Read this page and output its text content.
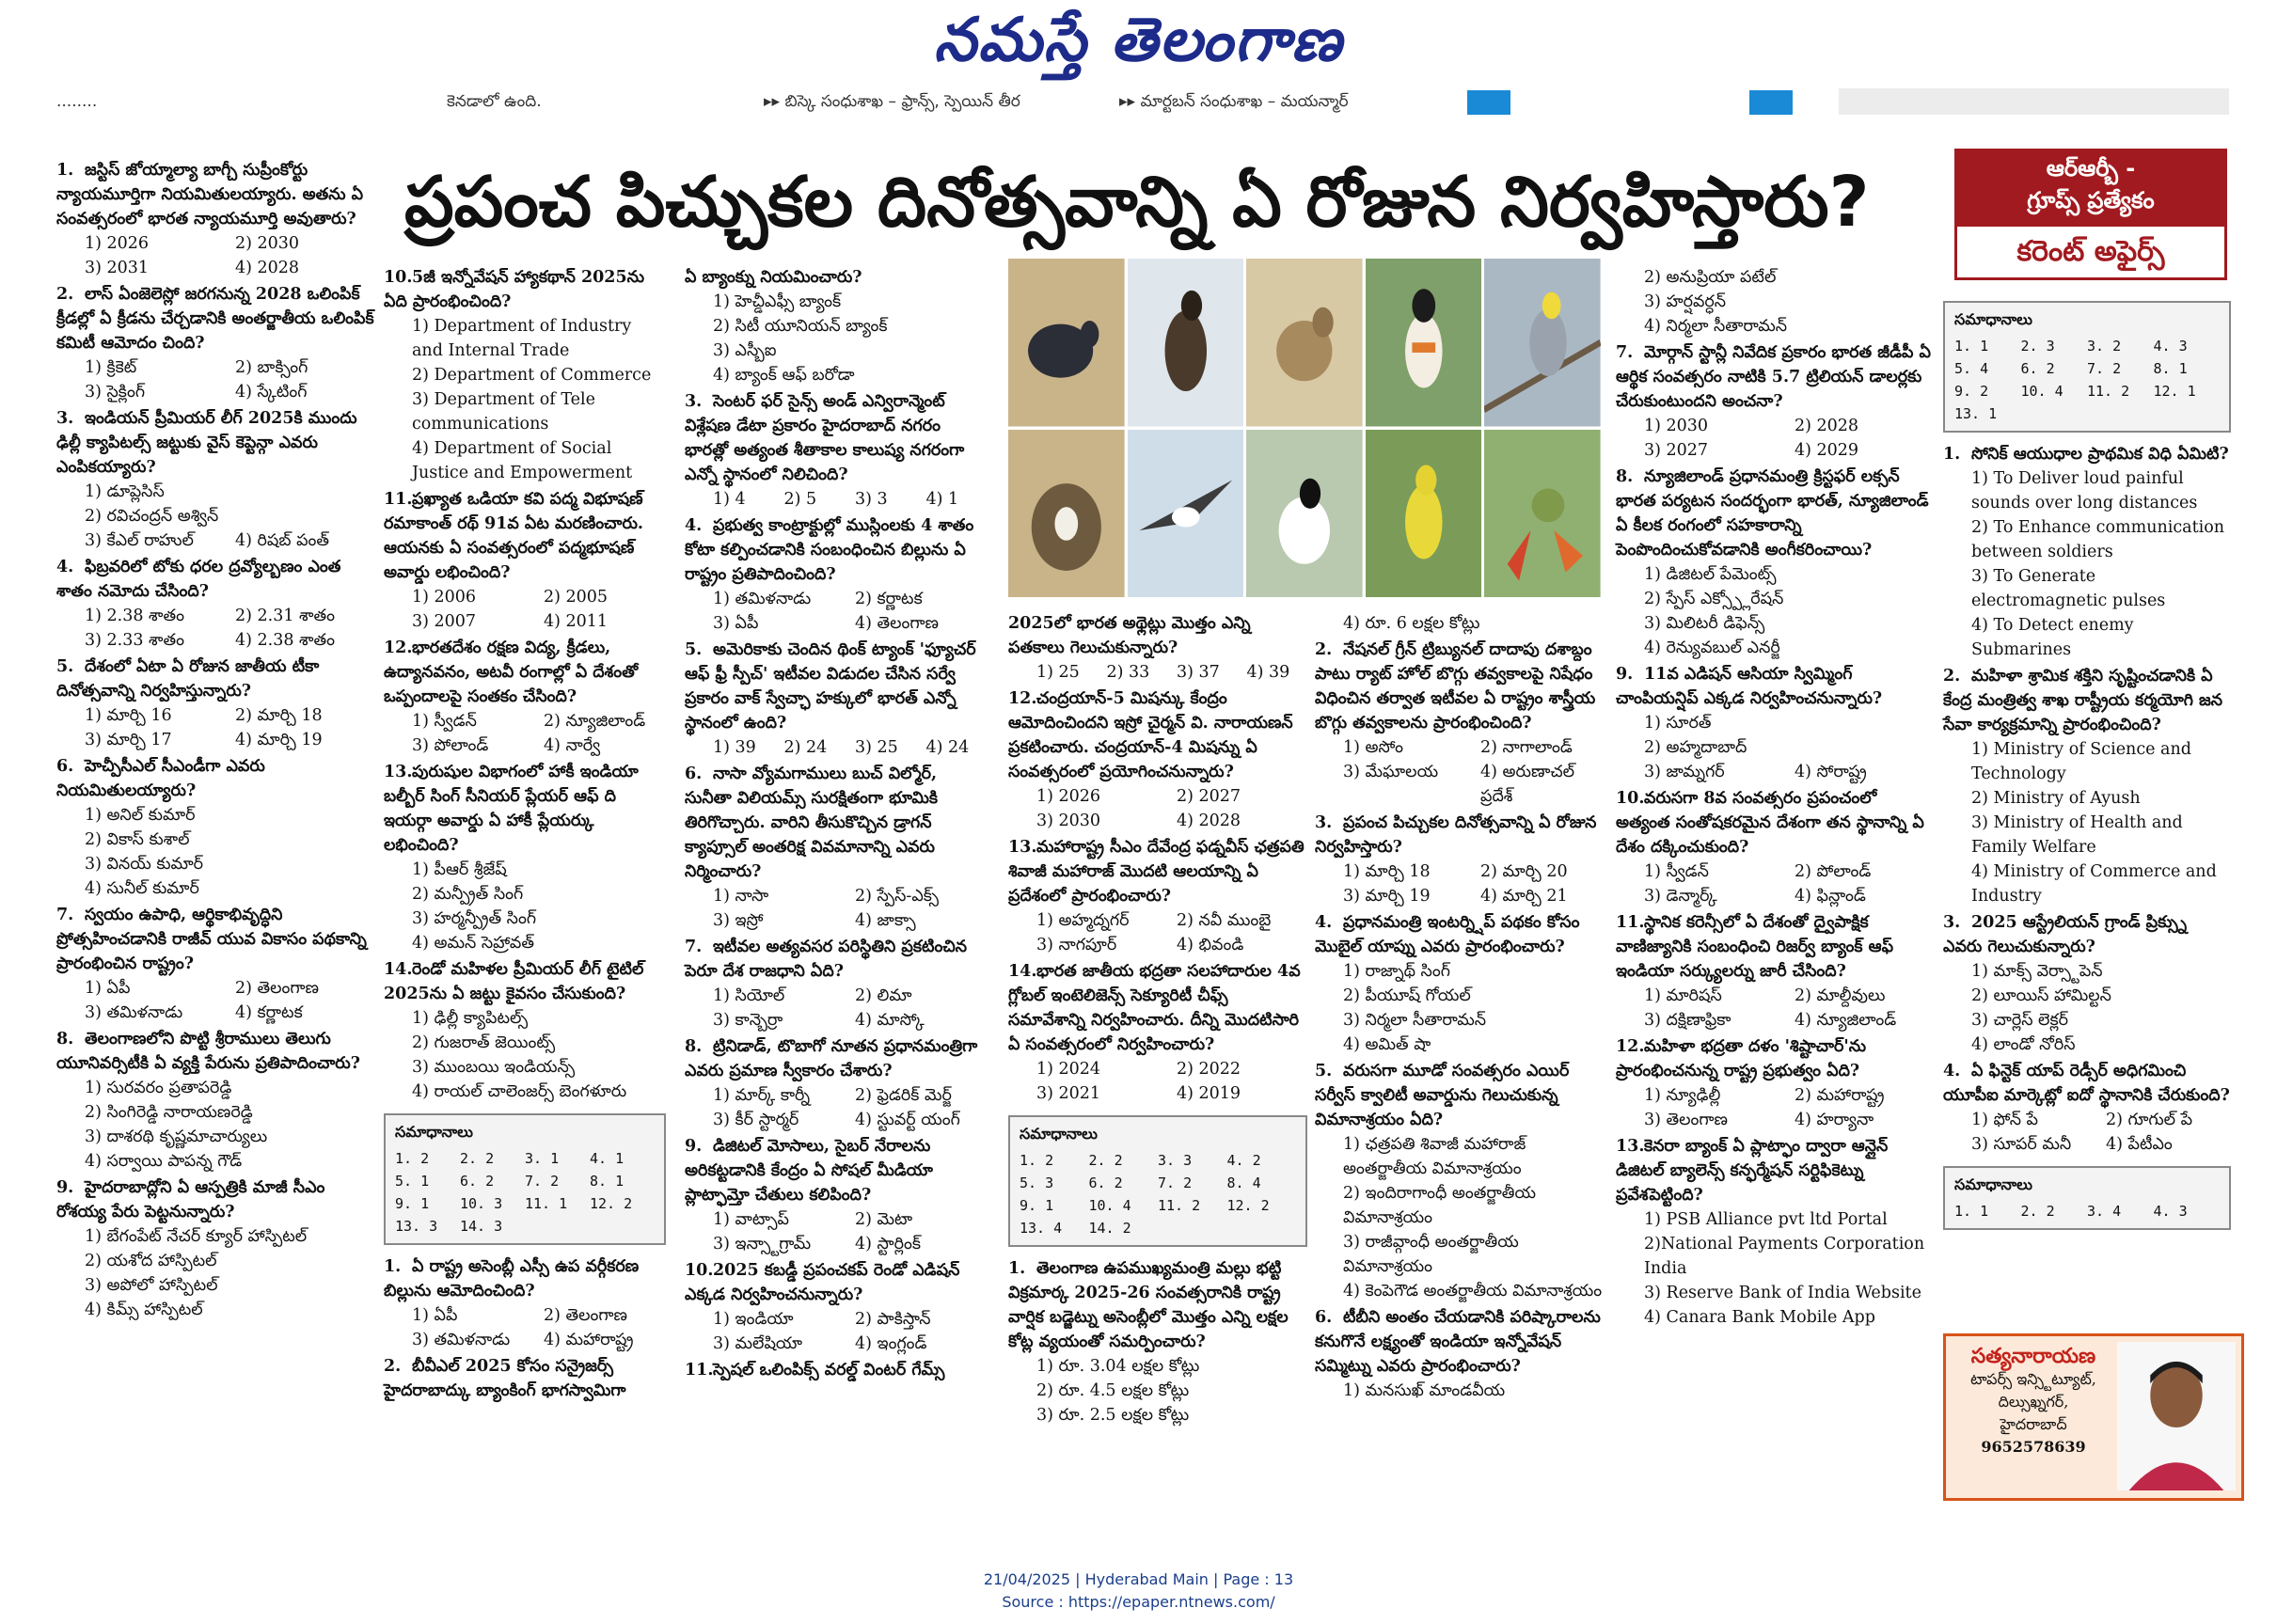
నమస్తే తెలంగాణ
........	కెనడాలో ఉంది.	▸▸ బిస్కె సంధుశాఖ – ఫ్రాన్స్, స్పెయిన్ తీర	▸▸ మార్టబన్ సంధుశాఖ – మయన్మార్
ప్రపంచ పిచ్చుకల దినోత్సవాన్ని ఏ రోజున నిర్వహిస్తారు?	ఆర్ఆర్బీ -
గ్రూప్స్ ప్రత్యేకం
కరెంట్ అఫైర్స్
1. జస్టిస్ జోయ్మాల్యా బాగ్చీ సుప్రీంకోర్టు న్యాయమూర్తిగా నియమితులయ్యారు. అతను ఏ సంవత్సరంలో భారత న్యాయమూర్తి అవుతారు?
1) 2026	2) 2030
3) 2031	4) 2028
2. లాస్ ఏంజెలెస్లో జరగనున్న 2028 ఒలింపిక్ క్రీడల్లో ఏ క్రీడను చేర్చడానికి అంతర్జాతీయ ఒలింపిక్ కమిటీ ఆమోదం చింది?
1) క్రికెట్	2) బాక్సింగ్
3) సైక్లింగ్	4) స్కేటింగ్
3. ఇండియన్ ప్రీమియర్ లీగ్ 2025కి ముందు ఢిల్లీ క్యాపిటల్స్ జట్టుకు వైస్ కెప్టెన్గా ఎవరు ఎంపికయ్యారు?
1) డూప్లెసిస్
2) రవిచంద్రన్ అశ్విన్
3) కేఎల్ రాహుల్	4) రిషబ్ పంత్
4. ఫిబ్రవరిలో టోకు ధరల ద్రవ్యోల్బణం ఎంత శాతం నమోదు చేసింది?
1) 2.38 శాతం	2) 2.31 శాతం
3) 2.33 శాతం	4) 2.38 శాతం
5. దేశంలో ఏటా ఏ రోజున జాతీయ టీకా దినోత్సవాన్ని నిర్వహిస్తున్నారు?
1) మార్చి 16	2) మార్చి 18
3) మార్చి 17	4) మార్చి 19
6. హెచ్పీసీఎల్ సీఎండీగా ఎవరు నియమితులయ్యారు?
1) అనిల్ కుమార్
2) వికాస్ కుశాల్
3) వినయ్ కుమార్
4) సునీల్ కుమార్
7. స్వయం ఉపాధి, ఆర్థికాభివృద్ధిని ప్రోత్సహించడానికి రాజీవ్ యువ వికాసం పథకాన్ని ప్రారంభించిన రాష్ట్రం?
1) ఏపీ	2) తెలంగాణ
3) తమిళనాడు	4) కర్ణాటక
8. తెలంగాణలోని పొట్టి శ్రీరాములు తెలుగు యూనివర్సిటీకి ఏ వ్యక్తి పేరును ప్రతిపాదించారు?
1) సురవరం ప్రతాపరెడ్డి
2) సింగిరెడ్డి నారాయణరెడ్డి
3) దాశరథి కృష్ణమాచార్యులు
4) సర్వాయి పాపన్న గౌడ్
9. హైదరాబాద్లోని ఏ ఆస్పత్రికి మాజీ సీఎం రోశయ్య పేరు పెట్టనున్నారు?
1) బేగంపేట్ నేచర్ క్యూర్ హాస్పిటల్
2) యశోద హాస్పిటల్
3) అపోలో హాస్పిటల్
4) కిమ్స్ హాస్పిటల్
10.5జీ ఇన్నోవేషన్ హ్యాకథాన్ 2025ను ఏది ప్రారంభించింది?
1) Department of Industry and Internal Trade
2) Department of Commerce
3) Department of Tele communications
4) Department of Social Justice and Empowerment
11.ప్రఖ్యాత ఒడియా కవి పద్మ విభూషణ్ రమాకాంత్ రథ్ 91వ ఏట మరణించారు. ఆయనకు ఏ సంవత్సరంలో పద్మభూషణ్ అవార్డు లభించింది?
1) 2006	2) 2005
3) 2007	4) 2011
12.భారతదేశం రక్షణ విద్య, క్రీడలు, ఉద్యానవనం, అటవీ రంగాల్లో ఏ దేశంతో ఒప్పందాలపై సంతకం చేసింది?
1) స్వీడన్	2) న్యూజిలాండ్
3) పోలాండ్	4) నార్వే
13.పురుషుల విభాగంలో హాకీ ఇండియా బల్బీర్ సింగ్ సీనియర్ ప్లేయర్ ఆఫ్ ది ఇయర్గా అవార్డు ఏ హాకీ ప్లేయర్కు లభించింది?
1) పీఆర్ శ్రీజేష్
2) మన్ప్రీత్ సింగ్
3) హర్మన్ప్రీత్ సింగ్
4) అమన్ సెహ్రావత్
14.రెండో మహిళల ప్రీమియర్ లీగ్ టైటిల్ 2025ను ఏ జట్టు కైవసం చేసుకుంది?
1) ఢిల్లీ క్యాపిటల్స్
2) గుజరాత్ జెయింట్స్
3) ముంబయి ఇండియన్స్
4) రాయల్ చాలెంజర్స్ బెంగళూరు
సమాధానాలు
1. 2	2. 2	3. 1	4. 1
5. 1	6. 2	7. 2	8. 1
9. 1	10. 3	11. 1	12. 2
13. 3	14. 3
1. ఏ రాష్ట్ర అసెంబ్లీ ఎస్సీ ఉప వర్గీకరణ బిల్లును ఆమోదించింది?
1) ఏపీ	2) తెలంగాణ
3) తమిళనాడు	4) మహారాష్ట్ర
2. బీవీఎల్ 2025 కోసం సన్రైజర్స్ హైదరాబాద్కు బ్యాంకింగ్ భాగస్వామిగా
ఏ బ్యాంక్ను నియమించారు?
1) హెచ్డీఎఫ్సీ బ్యాంక్
2) సిటీ యూనియన్ బ్యాంక్
3) ఎస్బీఐ
4) బ్యాంక్ ఆఫ్ బరోడా
3. సెంటర్ ఫర్ సైన్స్ అండ్ ఎన్విరాన్మెంట్ విశ్లేషణ డేటా ప్రకారం హైదరాబాద్ నగరం భారత్లో అత్యంత శీతాకాల కాలుష్య నగరంగా ఎన్నో స్థానంలో నిలిచింది?
1) 4	2) 5	3) 3	4) 1
4. ప్రభుత్వ కాంట్రాక్టుల్లో ముస్లింలకు 4 శాతం కోటా కల్పించడానికి సంబంధించిన బిల్లును ఏ రాష్ట్రం ప్రతిపాదించింది?
1) తమిళనాడు	2) కర్ణాటక
3) ఏపీ	4) తెలంగాణ
5. అమెరికాకు చెందిన థింక్ ట్యాంక్ 'ఫ్యూచర్ ఆఫ్ ఫ్రీ స్పీచ్' ఇటీవల విడుదల చేసిన సర్వే ప్రకారం వాక్ స్వేచ్ఛా హక్కులో భారత్ ఎన్నో స్థానంలో ఉంది?
1) 39	2) 24	3) 25	4) 24
6. నాసా వ్యోమగాములు బుచ్ విల్మోర్, సునీతా విలియమ్స్ సురక్షితంగా భూమికి తిరిగొచ్చారు. వారిని తీసుకొచ్చిన డ్రాగన్ క్యాప్సూల్ అంతరిక్ష వివమానాన్ని ఎవరు నిర్మించారు?
1) నాసా	2) స్పేస్-ఎక్స్
3) ఇస్రో	4) జాక్సా
7. ఇటీవల అత్యవసర పరిస్థితిని ప్రకటించిన పెరూ దేశ రాజధాని ఏది?
1) సియోల్	2) లిమా
3) కాన్బెర్రా	4) మాస్కో
8. ట్రినిడాడ్, టొబాగో నూతన ప్రధానమంత్రిగా ఎవరు ప్రమాణ స్వీకారం చేశారు?
1) మార్క్ కార్నీ	2) ఫ్రెడరిక్ మెర్జ్
3) కీర్ స్టార్మర్	4) స్టువర్ట్ యంగ్
9. డిజిటల్ మోసాలు, సైబర్ నేరాలను అరికట్టడానికి కేంద్రం ఏ సోషల్ మీడియా ప్లాట్ఫామ్తో చేతులు కలిపింది?
1) వాట్సాప్	2) మెటా
3) ఇన్స్టాగ్రామ్	4) స్టార్లింక్
10.2025 కబడ్డీ ప్రపంచకప్ రెండో ఎడిషన్ ఎక్కడ నిర్వహించనున్నారు?
1) ఇండియా	2) పాకిస్తాన్
3) మలేషియా	4) ఇంగ్లండ్
11.స్పెషల్ ఒలింపిక్స్ వరల్డ్ వింటర్ గేమ్స్
2025లో భారత అథ్లెట్లు మొత్తం ఎన్ని పతకాలు గెలుచుకున్నారు?
1) 25	2) 33	3) 37	4) 39
12.చంద్రయాన్-5 మిషన్కు కేంద్రం ఆమోదించిందని ఇస్రో చైర్మన్ వి. నారాయణన్ ప్రకటించారు. చంద్రయాన్-4 మిషన్ను ఏ సంవత్సరంలో ప్రయోగించనున్నారు?
1) 2026	2) 2027
3) 2030	4) 2028
13.మహారాష్ట్ర సీఎం దేవేంద్ర ఫడ్నవీస్ ఛత్రపతి శివాజీ మహారాజ్ మొదటి ఆలయాన్ని ఏ ప్రదేశంలో ప్రారంభించారు?
1) అహ్మద్నగర్	2) నవీ ముంబై
3) నాగపూర్	4) భివండి
14.భారత జాతీయ భద్రతా సలహాదారుల 4వ గ్లోబల్ ఇంటెలిజెన్స్ సెక్యూరిటీ చీఫ్స్ సమావేశాన్ని నిర్వహించారు. దీన్ని మొదటిసారి ఏ సంవత్సరంలో నిర్వహించారు?
1) 2024	2) 2022
3) 2021	4) 2019
సమాధానాలు
1. 2	2. 2	3. 3	4. 2
5. 3	6. 2	7. 2	8. 4
9. 1	10. 4	11. 2	12. 2
13. 4	14. 2
1. తెలంగాణ ఉపముఖ్యమంత్రి మల్లు భట్టి విక్రమార్క 2025-26 సంవత్సరానికి రాష్ట్ర వార్షిక బడ్జెట్ను అసెంబ్లీలో మొత్తం ఎన్ని లక్షల కోట్ల వ్యయంతో సమర్పించారు?
1) రూ. 3.04 లక్షల కోట్లు
2) రూ. 4.5 లక్షల కోట్లు
3) రూ. 2.5 లక్షల కోట్లు
4) రూ. 6 లక్షల కోట్లు
2. నేషనల్ గ్రీన్ ట్రిబ్యునల్ దాదాపు దశాబ్దం పాటు ర్యాట్ హోల్ బొగ్గు తవ్వకాలపై నిషేధం విధించిన తర్వాత ఇటీవల ఏ రాష్ట్రం శాస్త్రీయ బొగ్గు తవ్వకాలను ప్రారంభించింది?
1) అసోం	2) నాగాలాండ్
3) మేఘాలయ	4) అరుణాచల్ ప్రదేశ్
3. ప్రపంచ పిచ్చుకల దినోత్సవాన్ని ఏ రోజున నిర్వహిస్తారు?
1) మార్చి 18	2) మార్చి 20
3) మార్చి 19	4) మార్చి 21
4. ప్రధానమంత్రి ఇంటర్న్షిప్ పథకం కోసం మొబైల్ యాప్ను ఎవరు ప్రారంభించారు?
1) రాజ్నాథ్ సింగ్
2) పీయూష్ గోయల్
3) నిర్మలా సీతారామన్
4) అమిత్ షా
5. వరుసగా మూడో సంవత్సరం ఎయిర్ సర్వీస్ క్వాలిటీ అవార్డును గెలుచుకున్న విమానాశ్రయం ఏది?
1) ఛత్రపతి శివాజీ మహారాజ్ అంతర్జాతీయ విమానాశ్రయం
2) ఇందిరాగాంధీ అంతర్జాతీయ విమానాశ్రయం
3) రాజీవ్గాంధీ అంతర్జాతీయ విమానాశ్రయం
4) కెంపెగౌడ అంతర్జాతీయ విమానాశ్రయం
6. టీబీని అంతం చేయడానికి పరిష్కారాలను కనుగొనే లక్ష్యంతో ఇండియా ఇన్నోవేషన్ సమ్మిట్ను ఎవరు ప్రారంభించారు?
1) మనసుఖ్ మాండవీయ
2) అనుప్రియా పటేల్
3) హర్షవర్ధన్
4) నిర్మలా సీతారామన్
7. మోర్గాన్ స్టాన్లీ నివేదిక ప్రకారం భారత జీడీపీ ఏ ఆర్థిక సంవత్సరం నాటికి 5.7 ట్రిలియన్ డాలర్లకు చేరుకుంటుందని అంచనా?
1) 2030	2) 2028
3) 2027	4) 2029
8. న్యూజిలాండ్ ప్రధానమంత్రి క్రిస్టఫర్ లక్సన్ భారత పర్యటన సందర్భంగా భారత్, న్యూజిలాండ్ ఏ కీలక రంగంలో సహకారాన్ని పెంపొందించుకోవడానికి అంగీకరించాయి?
1) డిజిటల్ పేమెంట్స్
2) స్పేస్ ఎక్స్ప్లోరేషన్
3) మిలిటరీ డిఫెన్స్
4) రెన్యువబుల్ ఎనర్జీ
9. 11వ ఎడిషన్ ఆసియా స్విమ్మింగ్ చాంపియన్షిప్ ఎక్కడ నిర్వహించనున్నారు?
1) సూరత్
2) అహ్మదాబాద్
3) జామ్నగర్	4) సోరాష్ట్ర
10.వరుసగా 8వ సంవత్సరం ప్రపంచంలో అత్యంత సంతోషకరమైన దేశంగా తన స్థానాన్ని ఏ దేశం దక్కించుకుంది?
1) స్వీడన్	2) పోలాండ్
3) డెన్మార్క్	4) ఫిన్లాండ్
11.స్థానిక కరెన్సీలో ఏ దేశంతో ద్వైపాక్షిక వాణిజ్యానికి సంబంధించి రిజర్వ్ బ్యాంక్ ఆఫ్ ఇండియా సర్క్యులర్ను జారీ చేసింది?
1) మారిషస్	2) మాల్దీవులు
3) దక్షిణాఫ్రికా	4) న్యూజిలాండ్
12.మహిళా భద్రతా దళం 'శిష్టాచార్'ను ప్రారంభించనున్న రాష్ట్ర ప్రభుత్వం ఏది?
1) న్యూఢిల్లీ	2) మహారాష్ట్ర
3) తెలంగాణ	4) హర్యానా
13.కెనరా బ్యాంక్ ఏ ప్లాట్ఫాం ద్వారా ఆన్లైన్ డిజిటల్ బ్యాలెన్స్ కన్ఫర్మేషన్ సర్టిఫికెట్ను ప్రవేశపెట్టింది?
1) PSB Alliance pvt ltd Portal
2)National Payments Corporation India
3) Reserve Bank of India Website
4) Canara Bank Mobile App
సమాధానాలు
1. 1	2. 3	3. 2	4. 3
5. 4	6. 2	7. 2	8. 1
9. 2	10. 4	11. 2	12. 1
13. 1
1. సోనిక్ ఆయుధాల ప్రాథమిక విధి ఏమిటి?
1) To Deliver loud painful sounds over long distances
2) To Enhance communication between soldiers
3) To Generate electromagnetic pulses
4) To Detect enemy Submarines
2. మహిళా శ్రామిక శక్తిని సృష్టించడానికి ఏ కేంద్ర మంత్రిత్వ శాఖ రాష్ట్రీయ కర్మయోగి జన సేవా కార్యక్రమాన్ని ప్రారంభించింది?
1) Ministry of Science and Technology
2) Ministry of Ayush
3) Ministry of Health and Family Welfare
4) Ministry of Commerce and Industry
3. 2025 ఆస్ట్రేలియన్ గ్రాండ్ ప్రిక్స్ను ఎవరు గెలుచుకున్నారు?
1) మాక్స్ వెర్స్టాపెన్
2) లూయిస్ హామిల్టన్
3) చార్లెస్ లెక్లర్
4) లాండో నోరిస్
4. ఏ ఫిన్టెక్ యాప్ రెడ్సీర్ అధిగమించి యూపీఐ మార్కెట్లో ఐదో స్థానానికి చేరుకుంది?
1) ఫోన్ పే	2) గూగుల్ పే
3) సూపర్ మనీ	4) పేటీఎం
సమాధానాలు
1. 1	2. 2	3. 4	4. 3
సత్యనారాయణ
టాపర్స్ ఇన్స్టిట్యూట్,
దిల్సుఖ్నగర్,
హైదరాబాద్
9652578639
21/04/2025 | Hyderabad Main | Page : 13
Source : https://epaper.ntnews.com/
